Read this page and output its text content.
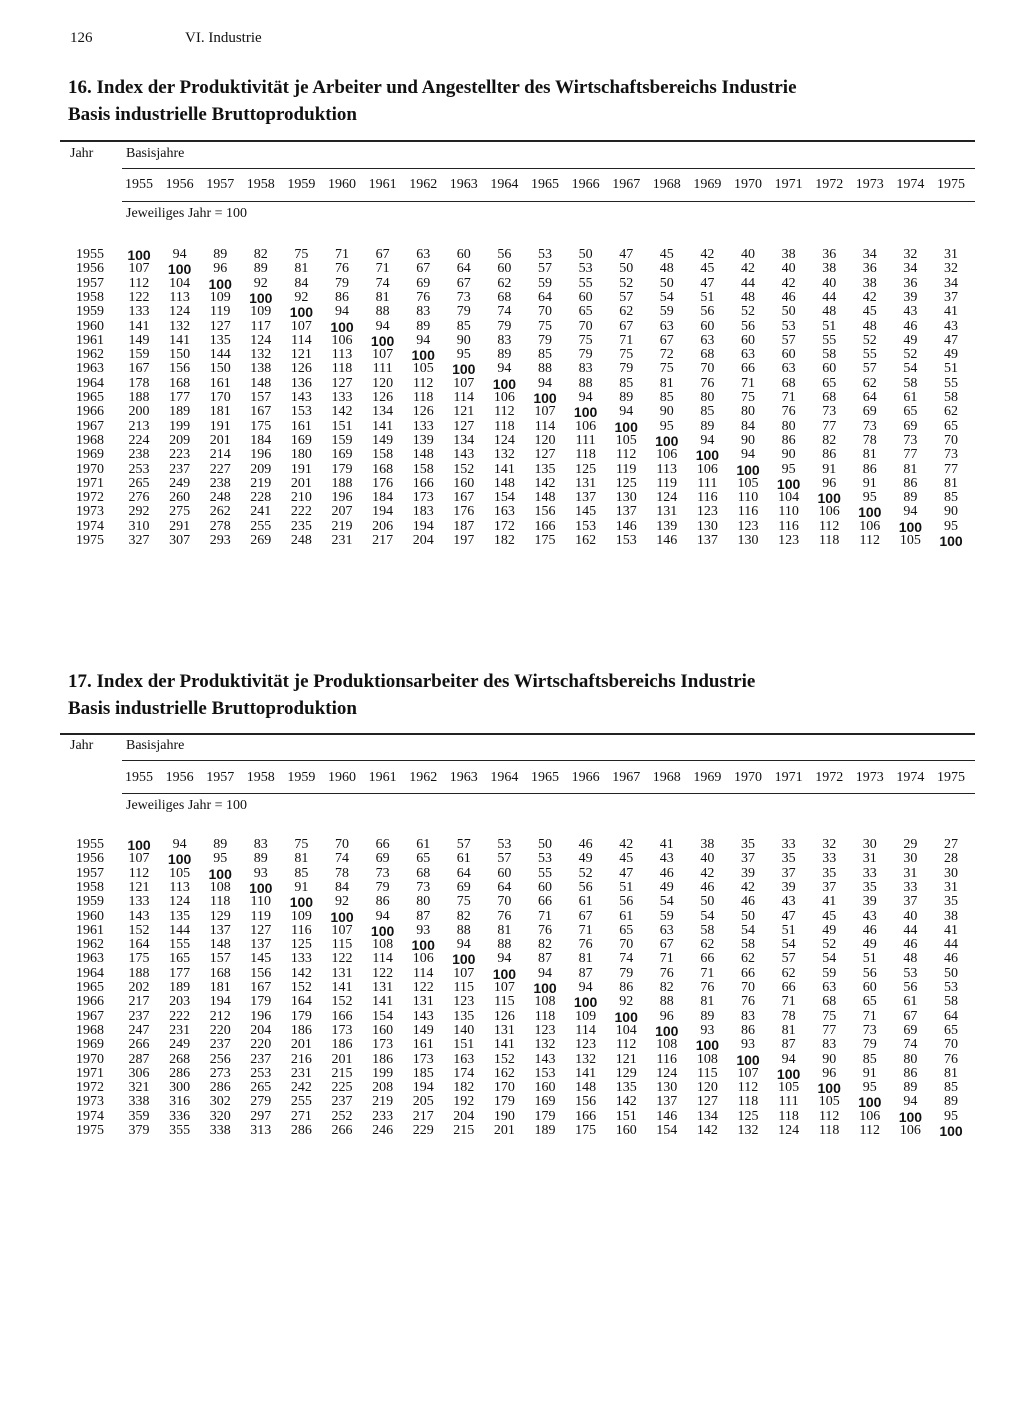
126	VI. Industrie
16. Index der Produktivität je Arbeiter und Angestellter des Wirtschaftsbereichs Industrie
Basis industrielle Bruttoproduktion
Jahr Basisjahre
1955 1956 1957 1958 1959 1960 1961 1962 1963 1964 1965 1966 1967 1968 1969 1970 1971 1972 1973 1974 1975
Jeweiliges Jahr = 100
1955	100	94	89	82	75	71	67	63	60	56	53	50	47	45	42	40	38	36	34	32	31
1956	107	100	96	89	81	76	71	67	64	60	57	53	50	48	45	42	40	38	36	34	32
1957	112	104	100	92	84	79	74	69	67	62	59	55	52	50	47	44	42	40	38	36	34
1958	122	113	109	100	92	86	81	76	73	68	64	60	57	54	51	48	46	44	42	39	37
1959	133	124	119	109	100	94	88	83	79	74	70	65	62	59	56	52	50	48	45	43	41
1960	141	132	127	117	107	100	94	89	85	79	75	70	67	63	60	56	53	51	48	46	43
1961	149	141	135	124	114	106	100	94	90	83	79	75	71	67	63	60	57	55	52	49	47
1962	159	150	144	132	121	113	107	100	95	89	85	79	75	72	68	63	60	58	55	52	49
1963	167	156	150	138	126	118	111	105	100	94	88	83	79	75	70	66	63	60	57	54	51
1964	178	168	161	148	136	127	120	112	107	100	94	88	85	81	76	71	68	65	62	58	55
1965	188	177	170	157	143	133	126	118	114	106	100	94	89	85	80	75	71	68	64	61	58
1966	200	189	181	167	153	142	134	126	121	112	107	100	94	90	85	80	76	73	69	65	62
1967	213	199	191	175	161	151	141	133	127	118	114	106	100	95	89	84	80	77	73	69	65
1968	224	209	201	184	169	159	149	139	134	124	120	111	105	100	94	90	86	82	78	73	70
1969	238	223	214	196	180	169	158	148	143	132	127	118	112	106	100	94	90	86	81	77	73
1970	253	237	227	209	191	179	168	158	152	141	135	125	119	113	106	100	95	91	86	81	77
1971	265	249	238	219	201	188	176	166	160	148	142	131	125	119	111	105	100	96	91	86	81
1972	276	260	248	228	210	196	184	173	167	154	148	137	130	124	116	110	104	100	95	89	85
1973	292	275	262	241	222	207	194	183	176	163	156	145	137	131	123	116	110	106	100	94	90
1974	310	291	278	255	235	219	206	194	187	172	166	153	146	139	130	123	116	112	106	100	95
1975	327	307	293	269	248	231	217	204	197	182	175	162	153	146	137	130	123	118	112	105	100
17. Index der Produktivität je Produktionsarbeiter des Wirtschaftsbereichs Industrie
Basis industrielle Bruttoproduktion
Jahr Basisjahre
1955 1956 1957 1958 1959 1960 1961 1962 1963 1964 1965 1966 1967 1968 1969 1970 1971 1972 1973 1974 1975
Jeweiliges Jahr = 100
1955	100	94	89	83	75	70	66	61	57	53	50	46	42	41	38	35	33	32	30	29	27
1956	107	100	95	89	81	74	69	65	61	57	53	49	45	43	40	37	35	33	31	30	28
1957	112	105	100	93	85	78	73	68	64	60	55	52	47	46	42	39	37	35	33	31	30
1958	121	113	108	100	91	84	79	73	69	64	60	56	51	49	46	42	39	37	35	33	31
1959	133	124	118	110	100	92	86	80	75	70	66	61	56	54	50	46	43	41	39	37	35
1960	143	135	129	119	109	100	94	87	82	76	71	67	61	59	54	50	47	45	43	40	38
1961	152	144	137	127	116	107	100	93	88	81	76	71	65	63	58	54	51	49	46	44	41
1962	164	155	148	137	125	115	108	100	94	88	82	76	70	67	62	58	54	52	49	46	44
1963	175	165	157	145	133	122	114	106	100	94	87	81	74	71	66	62	57	54	51	48	46
1964	188	177	168	156	142	131	122	114	107	100	94	87	79	76	71	66	62	59	56	53	50
1965	202	189	181	167	152	141	131	122	115	107	100	94	86	82	76	70	66	63	60	56	53
1966	217	203	194	179	164	152	141	131	123	115	108	100	92	88	81	76	71	68	65	61	58
1967	237	222	212	196	179	166	154	143	135	126	118	109	100	96	89	83	78	75	71	67	64
1968	247	231	220	204	186	173	160	149	140	131	123	114	104	100	93	86	81	77	73	69	65
1969	266	249	237	220	201	186	173	161	151	141	132	123	112	108	100	93	87	83	79	74	70
1970	287	268	256	237	216	201	186	173	163	152	143	132	121	116	108	100	94	90	85	80	76
1971	306	286	273	253	231	215	199	185	174	162	153	141	129	124	115	107	100	96	91	86	81
1972	321	300	286	265	242	225	208	194	182	170	160	148	135	130	120	112	105	100	95	89	85
1973	338	316	302	279	255	237	219	205	192	179	169	156	142	137	127	118	111	105	100	94	89
1974	359	336	320	297	271	252	233	217	204	190	179	166	151	146	134	125	118	112	106	100	95
1975	379	355	338	313	286	266	246	229	215	201	189	175	160	154	142	132	124	118	112	106	100
